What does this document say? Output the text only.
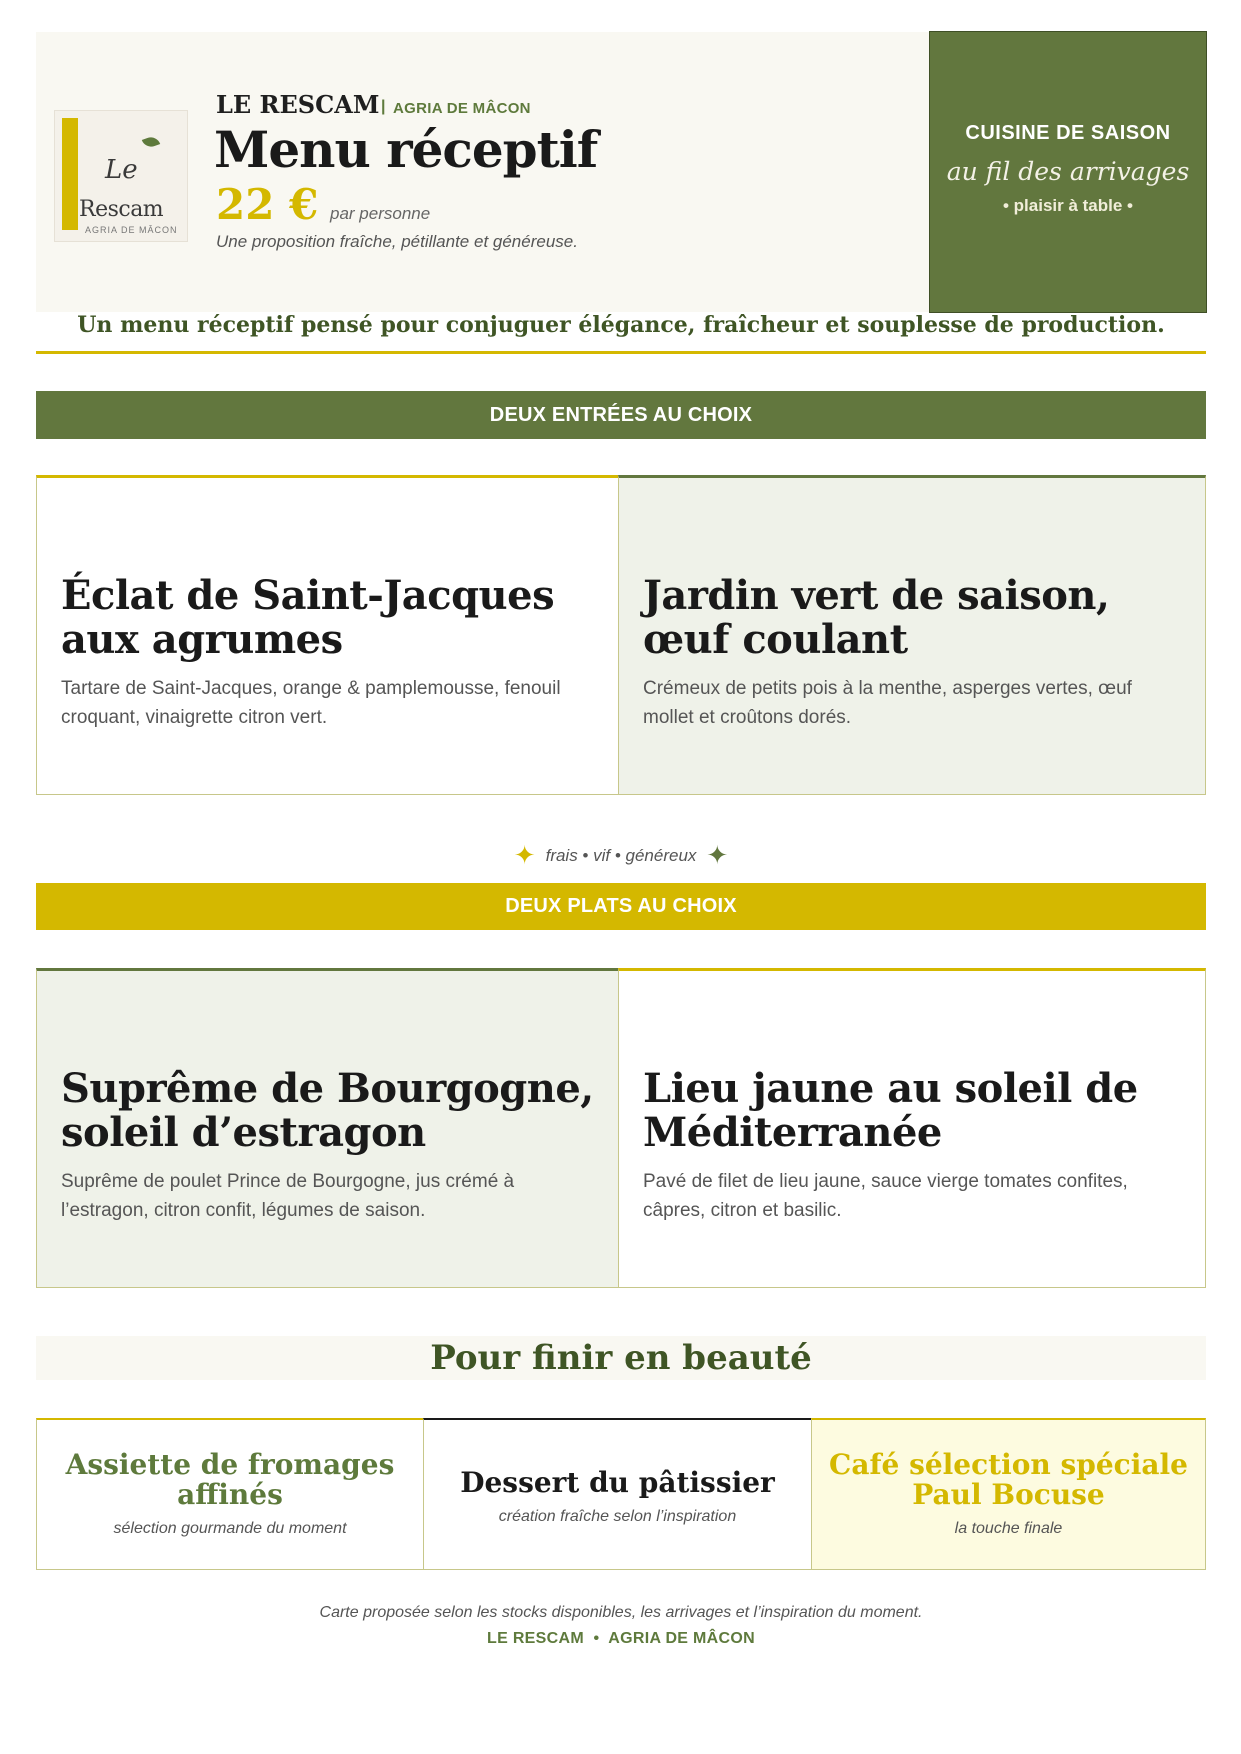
Le
Rescam
AGRIA DE MÂCON
LE RESCAM | AGRIA DE MÂCON
Menu réceptif
22 € par personne
Une proposition fraîche, pétillante et généreuse.
CUISINE DE SAISON
au fil des arrivages
• plaisir à table •
Un menu réceptif pensé pour conjuguer élégance, fraîcheur et souplesse de production.
DEUX ENTRÉES AU CHOIX
Éclat de Saint-Jacques aux agrumes

Tartare de Saint-Jacques, orange & pamplemousse, fenouil croquant, vinaigrette citron vert.

Jardin vert de saison, œuf coulant

Crémeux de petits pois à la menthe, asperges vertes, œuf mollet et croûtons dorés.

✦ frais • vif • généreux ✦
DEUX PLATS AU CHOIX
Suprême de Bourgogne, soleil d’estragon

Suprême de poulet Prince de Bourgogne, jus crémé à l’estragon, citron confit, légumes de saison.

Lieu jaune au soleil de Méditerranée

Pavé de filet de lieu jaune, sauce vierge tomates confites, câpres, citron et basilic.

Pour finir en beauté
Assiette de fromages affinés
sélection gourmande du moment
Dessert du pâtissier
création fraîche selon l’inspiration
Café sélection spéciale Paul Bocuse
la touche finale
Carte proposée selon les stocks disponibles, les arrivages et l’inspiration du moment.
LE RESCAM  •  AGRIA DE MÂCON
